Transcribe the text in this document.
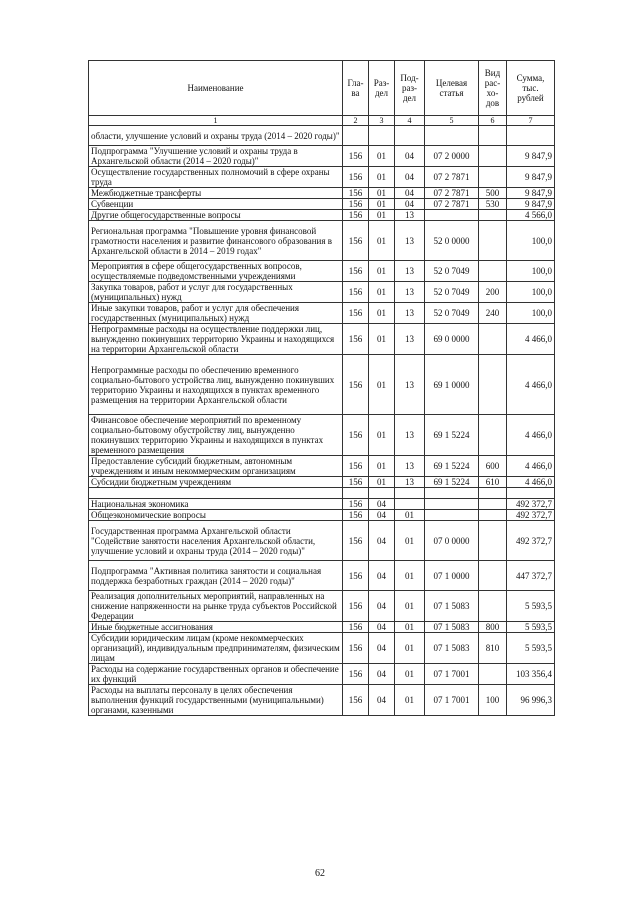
Наименование	Гла-ва	Раз-дел	Под-раз-дел	Целевая статья	Вид рас-хо-дов	Сумма, тыс. рублей
1	2	3	4	5	6	7
области, улучшение условий и охраны труда (2014 – 2020 годы)"						
Подпрограмма "Улучшение условий и охраны труда в Архангельской области (2014 – 2020 годы)"	156	01	04	07 2 0000		9 847,9
Осуществление государственных полномочий в сфере охраны труда	156	01	04	07 2 7871		9 847,9
Межбюджетные трансферты	156	01	04	07 2 7871	500	9 847,9
Субвенции	156	01	04	07 2 7871	530	9 847,9
Другие общегосударственные вопросы	156	01	13			4 566,0
Региональная программа "Повышение уровня финансовой грамотности населения и развитие финансового образования в Архангельской области в 2014 – 2019 годах"	156	01	13	52 0 0000		100,0
Мероприятия в сфере общегосударственных вопросов, осуществляемые подведомственными учреждениями	156	01	13	52 0 7049		100,0
Закупка товаров, работ и услуг для государственных (муниципальных) нужд	156	01	13	52 0 7049	200	100,0
Иные закупки товаров, работ и услуг для обеспечения государственных (муниципальных) нужд	156	01	13	52 0 7049	240	100,0
Непрограммные расходы на осуществление поддержки лиц, вынужденно покинувших территорию Украины и находящихся на территории Архангельской области	156	01	13	69 0 0000		4 466,0
Непрограммные расходы по обеспечению временного социально-бытового устройства лиц, вынужденно покинувших территорию Украины и находящихся в пунктах временного размещения на территории Архангельской области	156	01	13	69 1 0000		4 466,0
Финансовое обеспечение мероприятий по временному социально-бытовому обустройству лиц, вынужденно покинувших территорию Украины и находящихся в пунктах временного размещения	156	01	13	69 1 5224		4 466,0
Предоставление субсидий бюджетным, автономным учреждениям и иным некоммерческим организациям	156	01	13	69 1 5224	600	4 466,0
Субсидии бюджетным учреждениям	156	01	13	69 1 5224	610	4 466,0

Национальная экономика	156	04				492 372,7
Общеэкономические вопросы	156	04	01			492 372,7
Государственная программа Архангельской области "Содействие занятости населения Архангельской области, улучшение условий и охраны труда (2014 – 2020 годы)"	156	04	01	07 0 0000		492 372,7
Подпрограмма "Активная политика занятости и социальная поддержка безработных граждан (2014 – 2020 годы)"	156	04	01	07 1 0000		447 372,7
Реализация дополнительных мероприятий, направленных на снижение напряженности на рынке труда субъектов Российской Федерации	156	04	01	07 1 5083		5 593,5
Иные бюджетные ассигнования	156	04	01	07 1 5083	800	5 593,5
Субсидии юридическим лицам (кроме некоммерческих организаций), индивидуальным предпринимателям, физическим лицам	156	04	01	07 1 5083	810	5 593,5
Расходы на содержание государственных органов и обеспечение их функций	156	04	01	07 1 7001		103 356,4
Расходы на выплаты персоналу в целях обеспечения выполнения функций государственными (муниципальными) органами, казенными	156	04	01	07 1 7001	100	96 996,3
62
